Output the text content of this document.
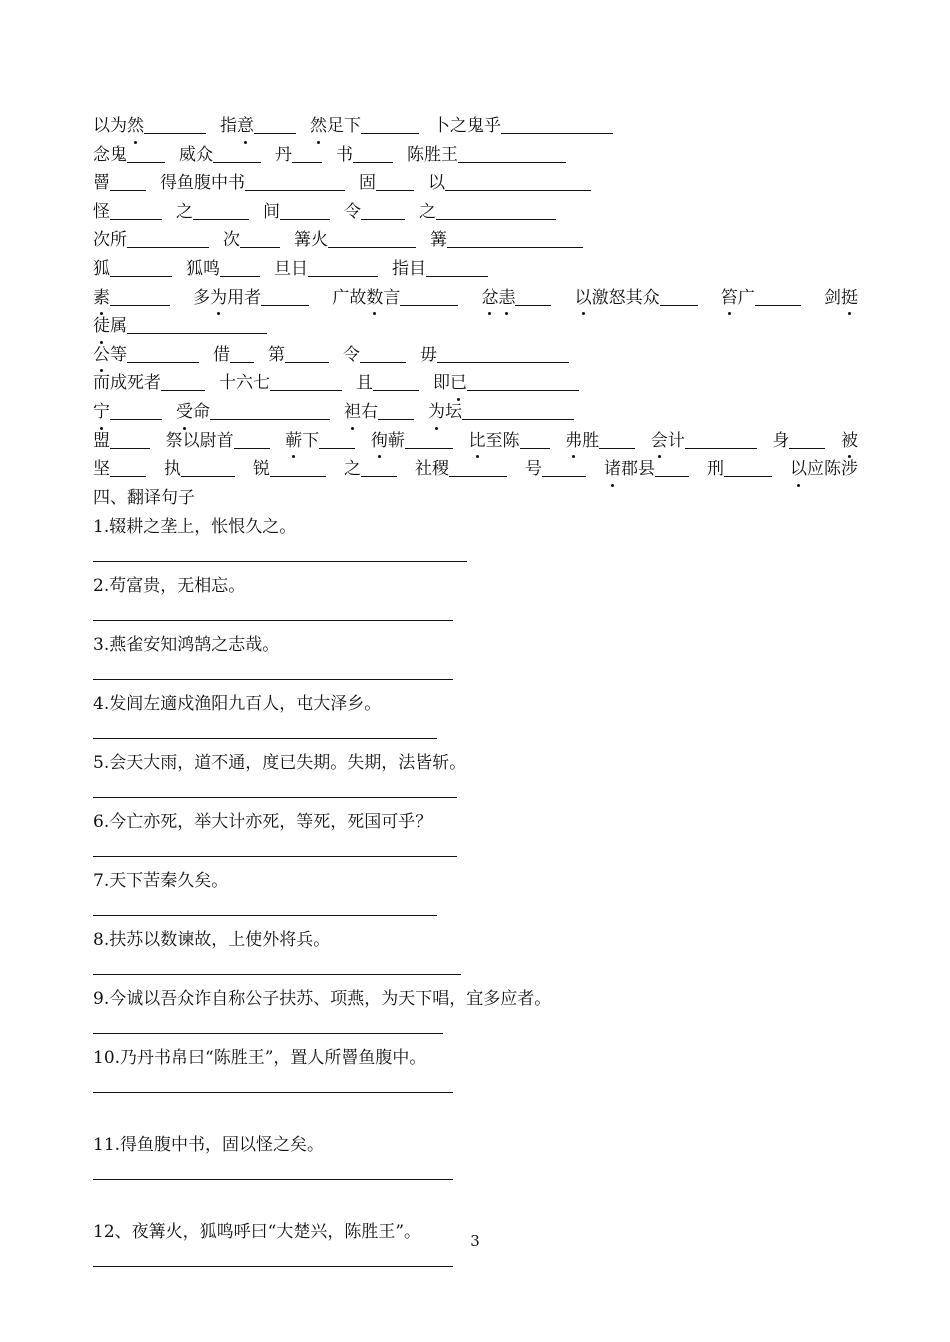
以为然	指意	然足下	卜之鬼乎
念鬼	威众	丹	书	陈胜王
罾	得鱼腹中书	固	以
怪	之	间	令	之
次所	次	篝火	篝
狐	狐鸣	旦日	指目
素	多为用者	广故数言	忿恚	以激怒其众	笞广	剑挺
徒属
公等	借 第	令	毋
而成死者	十六七	且	即已
宁	受命	袒右	为坛
盟	祭以尉首	蕲下	徇蕲	比至陈	弗胜	会计	身	被
坚	执	锐	之	社稷	号	诸郡县	刑	以应陈涉
四、翻译句子
1.辍耕之垄上，怅恨久之。
2.苟富贵，无相忘。
3.燕雀安知鸿鹄之志哉。
4.发闾左適戍渔阳九百人，屯大泽乡。
5.会天大雨，道不通，度已失期。失期，法皆斩。
6.今亡亦死，举大计亦死，等死，死国可乎？
7.天下苦秦久矣。
8.扶苏以数谏故，上使外将兵。
9.今诚以吾众诈自称公子扶苏、项燕，为天下唱，宜多应者。
10.乃丹书帛曰“陈胜王”，置人所罾鱼腹中。
11.得鱼腹中书，固以怪之矣。
12、夜篝火，狐鸣呼曰“大楚兴，陈胜王”。	3
